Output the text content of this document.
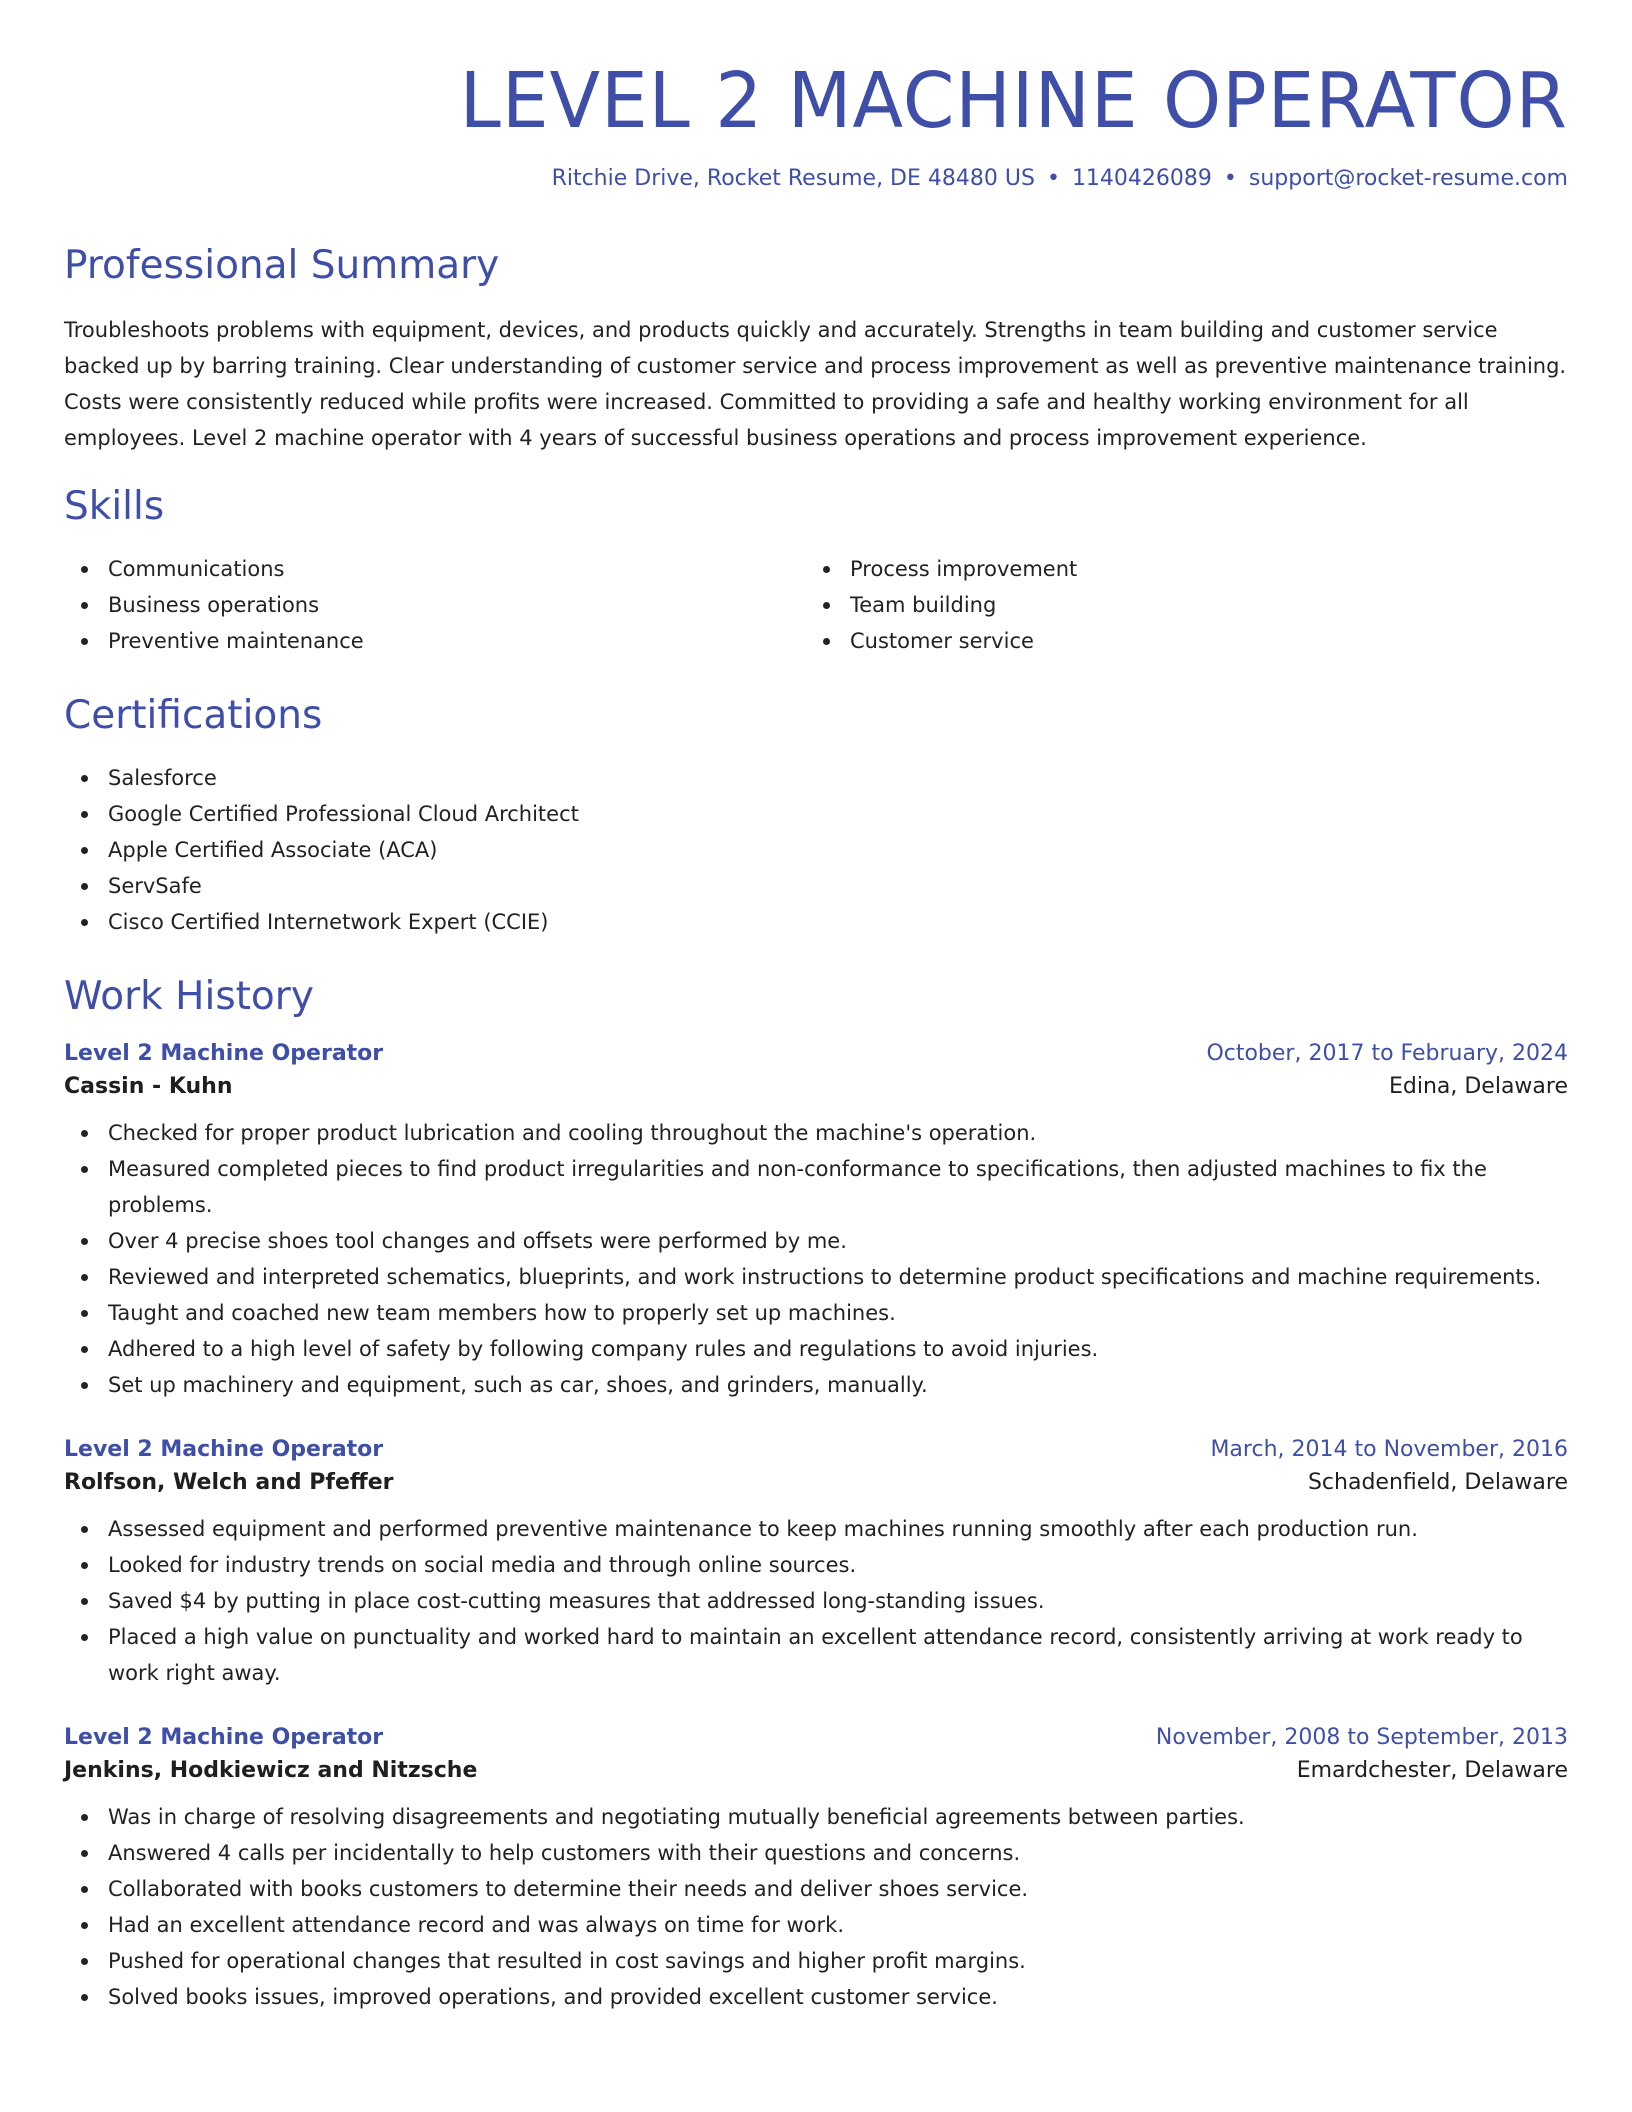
LEVEL 2 MACHINE OPERATOR
Ritchie Drive, Rocket Resume, DE 48480 US • 1140426089 • support@rocket-resume.com
Professional Summary

Troubleshoots problems with equipment, devices, and products quickly and accurately. Strengths in team building and customer service backed up by barring training. Clear understanding of customer service and process improvement as well as preventive maintenance training. Costs were consistently reduced while profits were increased. Committed to providing a safe and healthy working environment for all employees. Level 2 machine operator with 4 years of successful business operations and process improvement experience.

Skills
Communications
Business operations
Preventive maintenance
Process improvement
Team building
Customer service
Certifications
Salesforce
Google Certified Professional Cloud Architect
Apple Certified Associate (ACA)
ServSafe
Cisco Certified Internetwork Expert (CCIE)
Work History
Level 2 Machine Operator	October, 2017 to February, 2024
Cassin - Kuhn	Edina, Delaware
Checked for proper product lubrication and cooling throughout the machine's operation.
Measured completed pieces to find product irregularities and non-conformance to specifications, then adjusted machines to fix the problems.
Over 4 precise shoes tool changes and offsets were performed by me.
Reviewed and interpreted schematics, blueprints, and work instructions to determine product specifications and machine requirements.
Taught and coached new team members how to properly set up machines.
Adhered to a high level of safety by following company rules and regulations to avoid injuries.
Set up machinery and equipment, such as car, shoes, and grinders, manually.
Level 2 Machine Operator	March, 2014 to November, 2016
Rolfson, Welch and Pfeffer	Schadenfield, Delaware
Assessed equipment and performed preventive maintenance to keep machines running smoothly after each production run.
Looked for industry trends on social media and through online sources.
Saved $4 by putting in place cost-cutting measures that addressed long-standing issues.
Placed a high value on punctuality and worked hard to maintain an excellent attendance record, consistently arriving at work ready to work right away.
Level 2 Machine Operator	November, 2008 to September, 2013
Jenkins, Hodkiewicz and Nitzsche	Emardchester, Delaware
Was in charge of resolving disagreements and negotiating mutually beneficial agreements between parties.
Answered 4 calls per incidentally to help customers with their questions and concerns.
Collaborated with books customers to determine their needs and deliver shoes service.
Had an excellent attendance record and was always on time for work.
Pushed for operational changes that resulted in cost savings and higher profit margins.
Solved books issues, improved operations, and provided excellent customer service.
